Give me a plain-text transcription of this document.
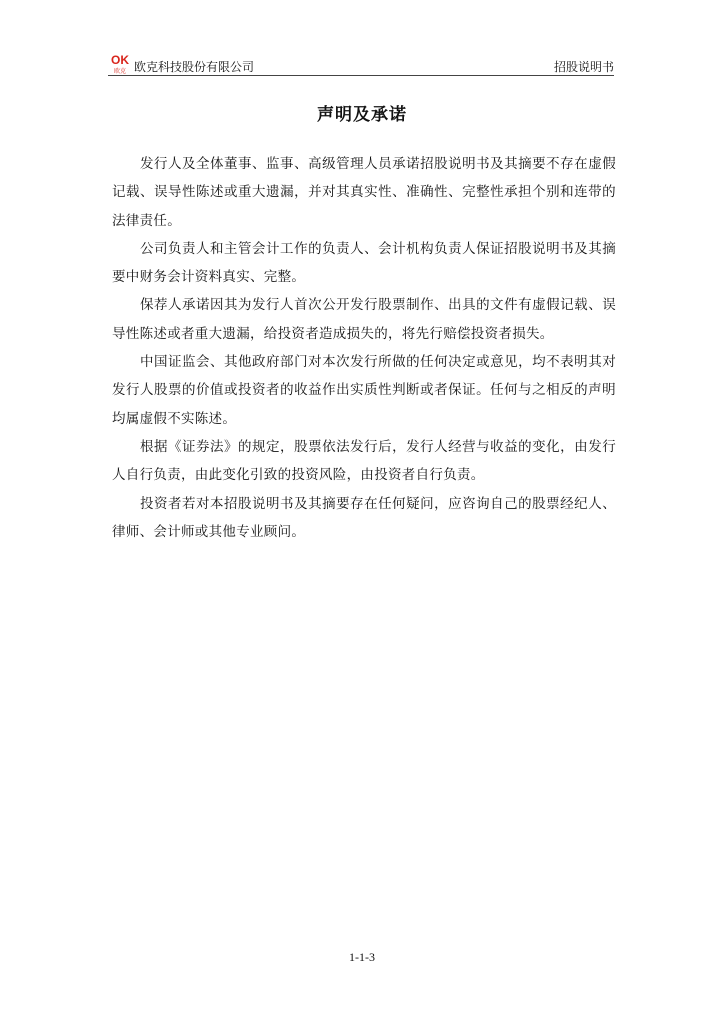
OK
欧克 欧克科技股份有限公司	招股说明书
声明及承诺

发行人及全体董事、监事、高级管理人员承诺招股说明书及其摘要不存在虚假记载、误导性陈述或重大遗漏，并对其真实性、准确性、完整性承担个别和连带的法律责任。

公司负责人和主管会计工作的负责人、会计机构负责人保证招股说明书及其摘要中财务会计资料真实、完整。

保荐人承诺因其为发行人首次公开发行股票制作、出具的文件有虚假记载、误导性陈述或者重大遗漏，给投资者造成损失的，将先行赔偿投资者损失。

中国证监会、其他政府部门对本次发行所做的任何决定或意见，均不表明其对发行人股票的价值或投资者的收益作出实质性判断或者保证。任何与之相反的声明均属虚假不实陈述。

根据《证券法》的规定，股票依法发行后，发行人经营与收益的变化，由发行人自行负责，由此变化引致的投资风险，由投资者自行负责。

投资者若对本招股说明书及其摘要存在任何疑问，应咨询自己的股票经纪人、律师、会计师或其他专业顾问。

1-1-3
